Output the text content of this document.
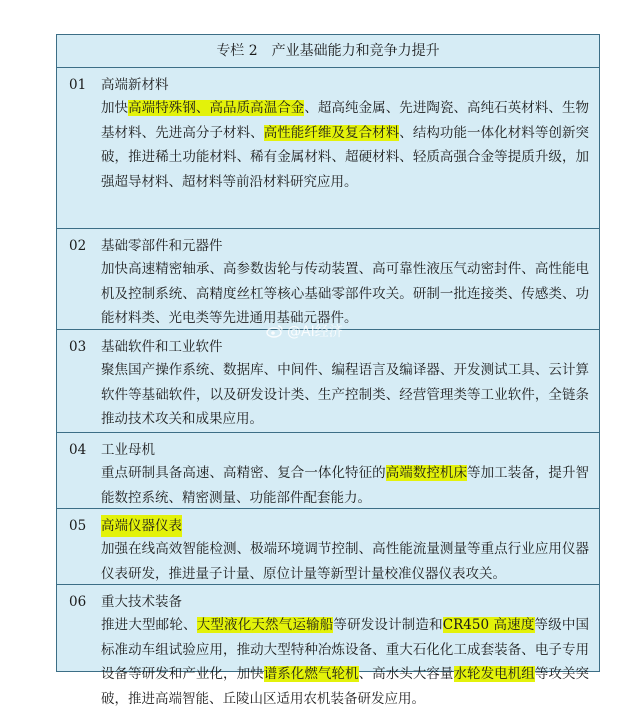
专栏 2　产业基础能力和竞争力提升
01 高端新材料
加快高端特殊钢、高品质高温合金、超高纯金属、先进陶瓷、高纯石英材料、生物基材料、先进高分子材料、高性能纤维及复合材料、结构功能一体化材料等创新突破，推进稀土功能材料、稀有金属材料、超硬材料、轻质高强合金等提质升级，加强超导材料、超材料等前沿材料研究应用。
02 基础零部件和元器件
加快高速精密轴承、高参数齿轮与传动装置、高可靠性液压气动密封件、高性能电机及控制系统、高精度丝杠等核心基础零部件攻关。研制一批连接类、传感类、功能材料类、光电类等先进通用基础元器件。
03 基础软件和工业软件
聚焦国产操作系统、数据库、中间件、编程语言及编译器、开发测试工具、云计算软件等基础软件，以及研发设计类、生产控制类、经营管理类等工业软件，全链条推动技术攻关和成果应用。
04 工业母机
重点研制具备高速、高精密、复合一体化特征的高端数控机床等加工装备，提升智能数控系统、精密测量、功能部件配套能力。
05 高端仪器仪表
加强在线高效智能检测、极端环境调节控制、高性能流量测量等重点行业应用仪器仪表研发，推进量子计量、原位计量等新型计量校准仪器仪表攻关。
06 重大技术装备
推进大型邮轮、大型液化天然气运输船等研发设计制造和CR450 高速度等级中国标准动车组试验应用，推动大型特种冶炼设备、重大石化化工成套装备、电子专用设备等研发和产业化，加快谱系化燃气轮机、高水头大容量水轮发电机组等攻关突破，推进高端智能、丘陵山区适用农机装备研发应用。
@AI经济
